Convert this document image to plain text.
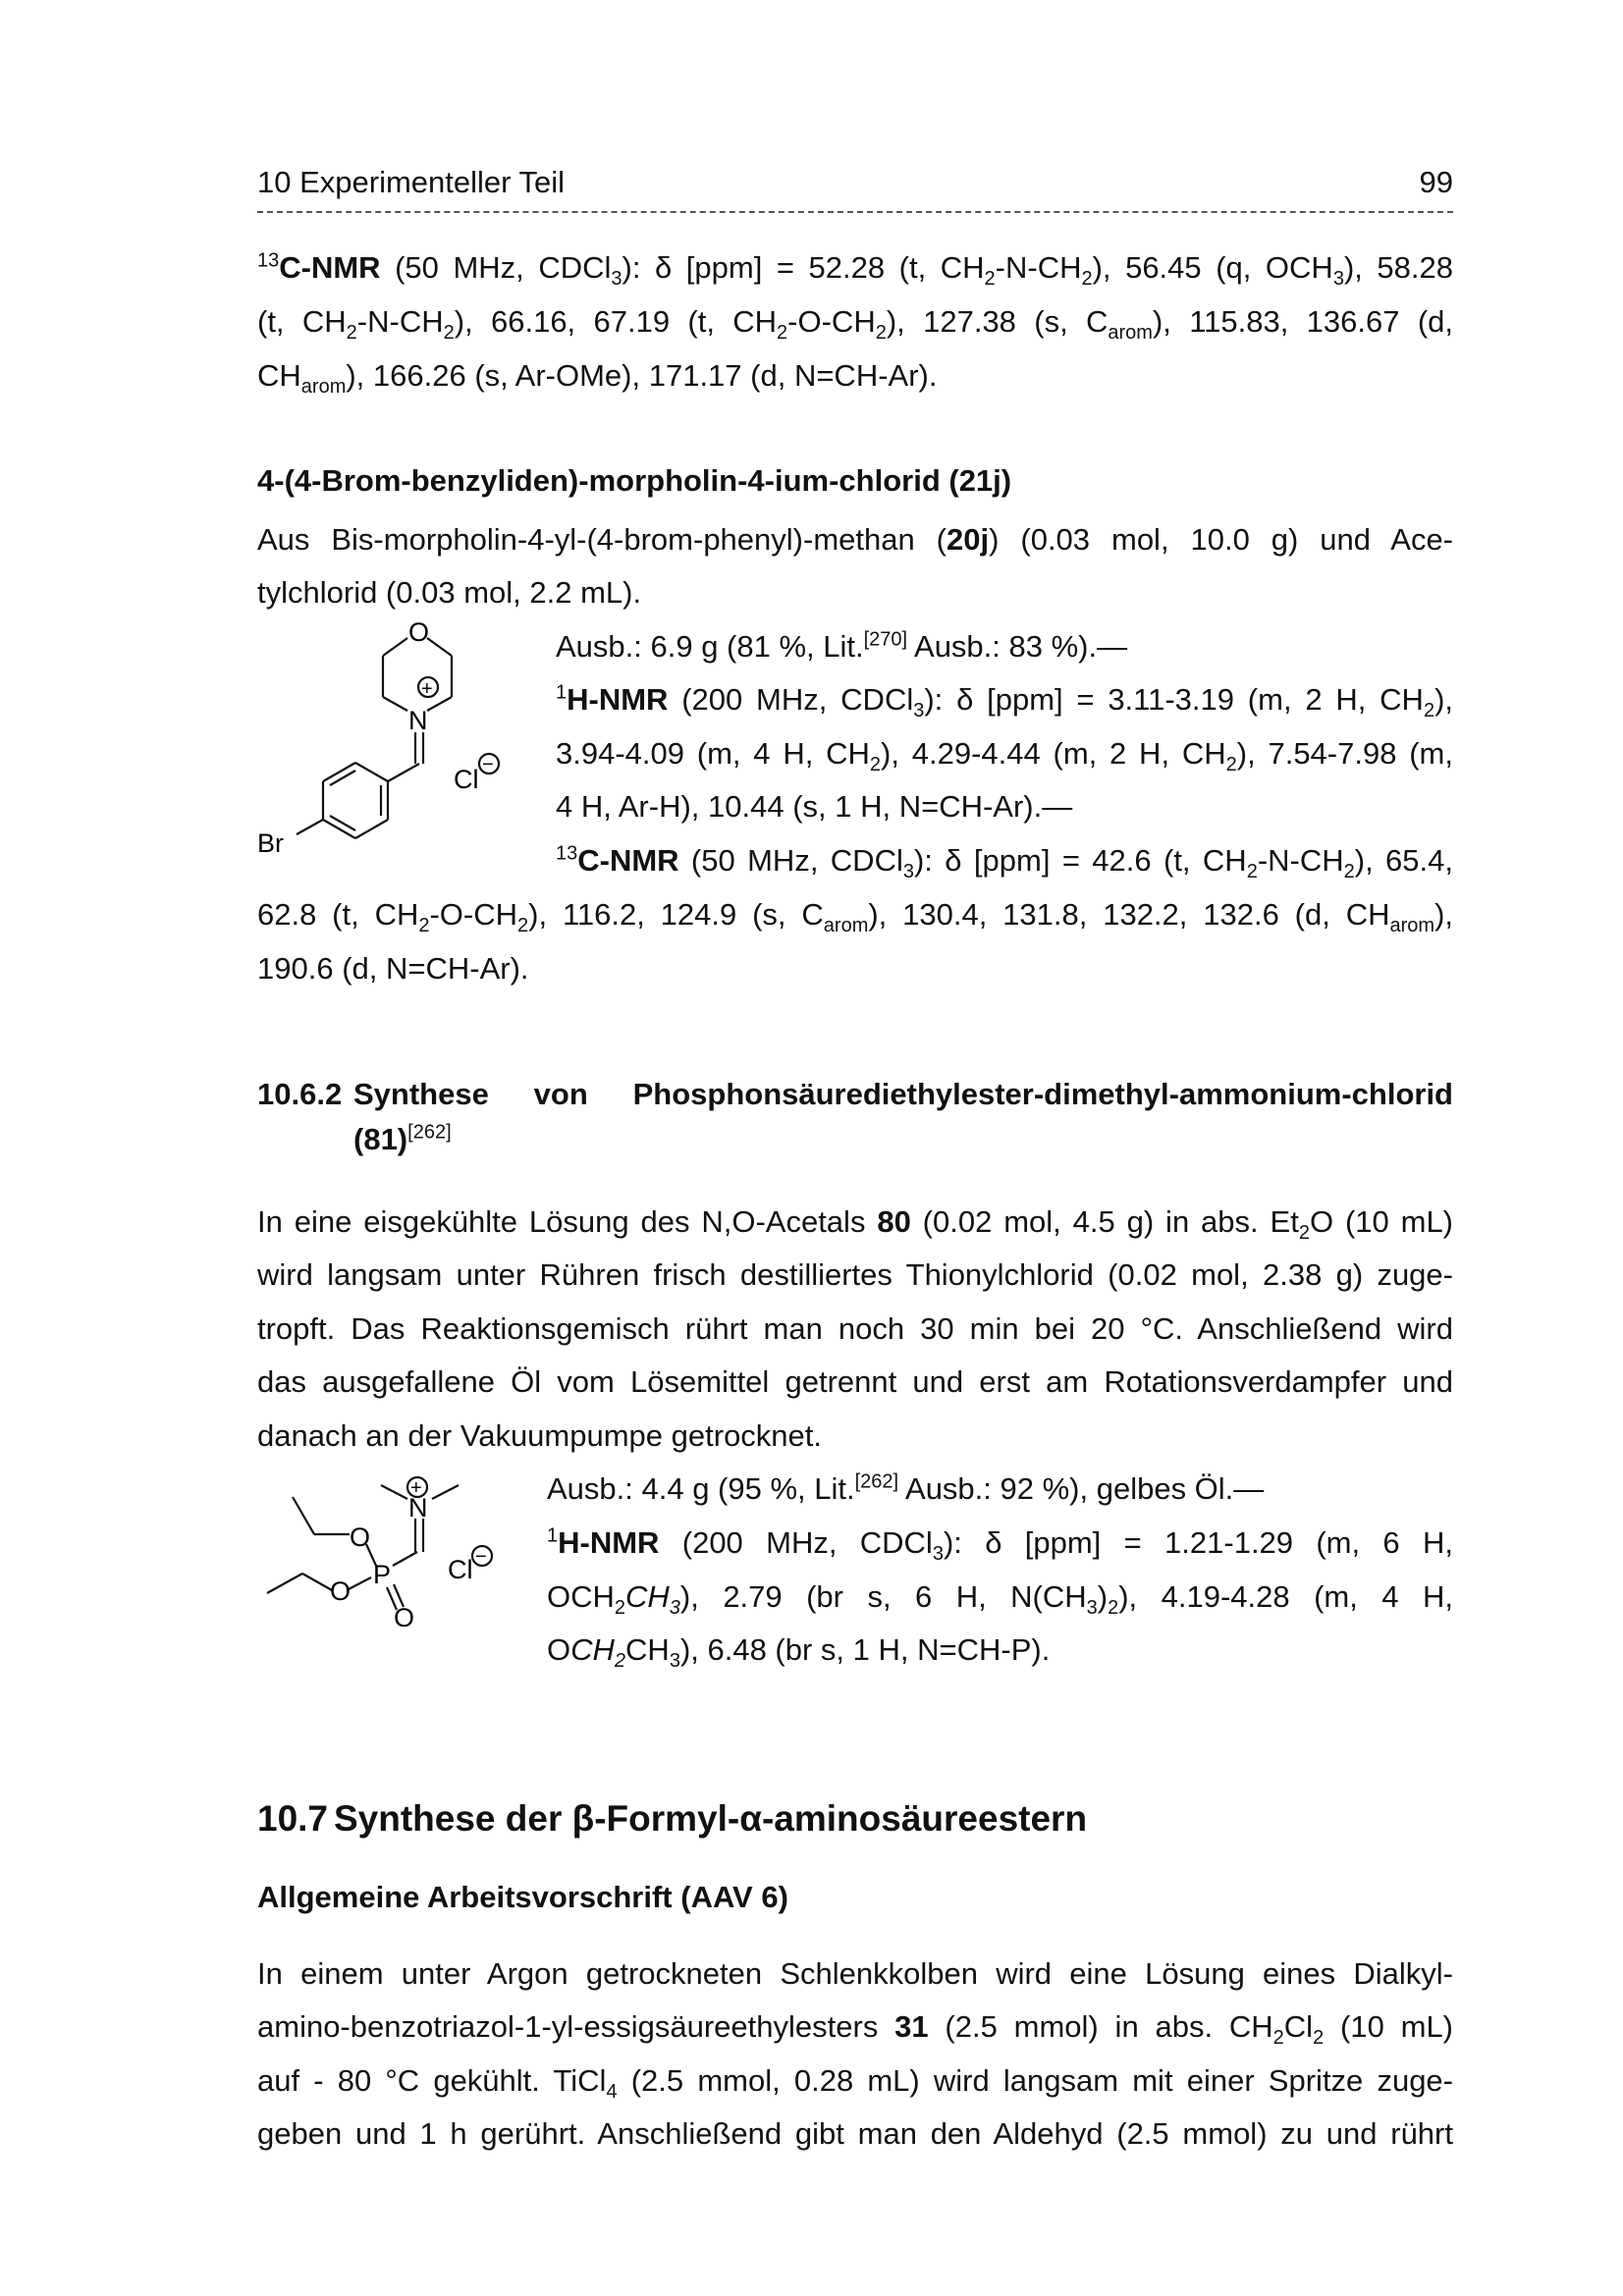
10 Experimenteller Teil	99
$^{13}$C-NMR (50 MHz, CDCl$_3$): δ [ppm] = 52.28 (t, $CH_2-N-CH_2$), 56.45 (q, $OCH_3$), 58.28
(t, $CH_2-N-CH_2$), 66.16, 67.19 (t, $CH_2-O-CH_2$), 127.38 (s, $C_{arom}$), 115.83, 136.67 (d,
$CH_{arom}$), 166.26 (s, Ar-OMe), 171.17 (d, N=CH-Ar).
4-(4-Brom-benzyliden)-morpholin-4-ium-chlorid (21j)
Aus Bis-morpholin-4-yl-(4-brom-phenyl)-methan (20j) (0.03 mol, 10.0 g) und Ace-
tylchlorid (0.03 mol, 2.2 mL).
Ausb.: 6.9 g (81 %, Lit.[270] Ausb.: 83 %).—
$^1$H-NMR (200 MHz, CDCl$_3$): δ [ppm] = 3.11-3.19 (m, 2 H, $CH_2$),
3.94-4.09 (m, 4 H, $CH_2$), 4.29-4.44 (m, 2 H, $CH_2$), 7.54-7.98 (m,
4 H, Ar-H), 10.44 (s, 1 H, N=CH-Ar).—
$^{13}$C-NMR (50 MHz, CDCl$_3$): δ [ppm] = 42.6 (t, $CH_2-N-CH_2$), 65.4,
62.8 (t, $CH_2-O-CH_2$), 116.2, 124.9 (s, $C_{arom}$), 130.4, 131.8, 132.2, 132.6 (d, $CH_{arom}$),
190.6 (d, N=CH-Ar).
O
N
+
Cl −
Br
10.6.2 Synthese von Phosphonsäurediethylester-dimethyl-ammonium-chlorid
(81)[262]
In eine eisgekühlte Lösung des N,O-Acetals 80 (0.02 mol, 4.5 g) in abs. $Et_2O$ (10 mL)
wird langsam unter Rühren frisch destilliertes Thionylchlorid (0.02 mol, 2.38 g) zuge-
tropft. Das Reaktionsgemisch rührt man noch 30 min bei 20 °C. Anschließend wird
das ausgefallene Öl vom Lösemittel getrennt und erst am Rotationsverdampfer und
danach an der Vakuumpumpe getrocknet.
Ausb.: 4.4 g (95 %, Lit.[262] Ausb.: 92 %), gelbes Öl.—
$^1$H-NMR (200 MHz, CDCl$_3$): δ [ppm] = 1.21-1.29 (m, 6 H,
$OCH_2CH_3$), 2.79 (br s, 6 H, $N(CH_3)_2$), 4.19-4.28 (m, 4 H,
$OCH_2CH_3$), 6.48 (br s, 1 H, N=CH-P).
O
O
P
O
N
+
Cl −
10.7 Synthese der β-Formyl-α-aminosäureestern
Allgemeine Arbeitsvorschrift (AAV 6)
In einem unter Argon getrockneten Schlenkkolben wird eine Lösung eines Dialkyl-
amino-benzotriazol-1-yl-essigsäureethylesters 31 (2.5 mmol) in abs. $CH_2Cl_2$ (10 mL)
auf - 80 °C gekühlt. TiCl$_4$ (2.5 mmol, 0.28 mL) wird langsam mit einer Spritze zuge-
geben und 1 h gerührt. Anschließend gibt man den Aldehyd (2.5 mmol) zu und rührt
